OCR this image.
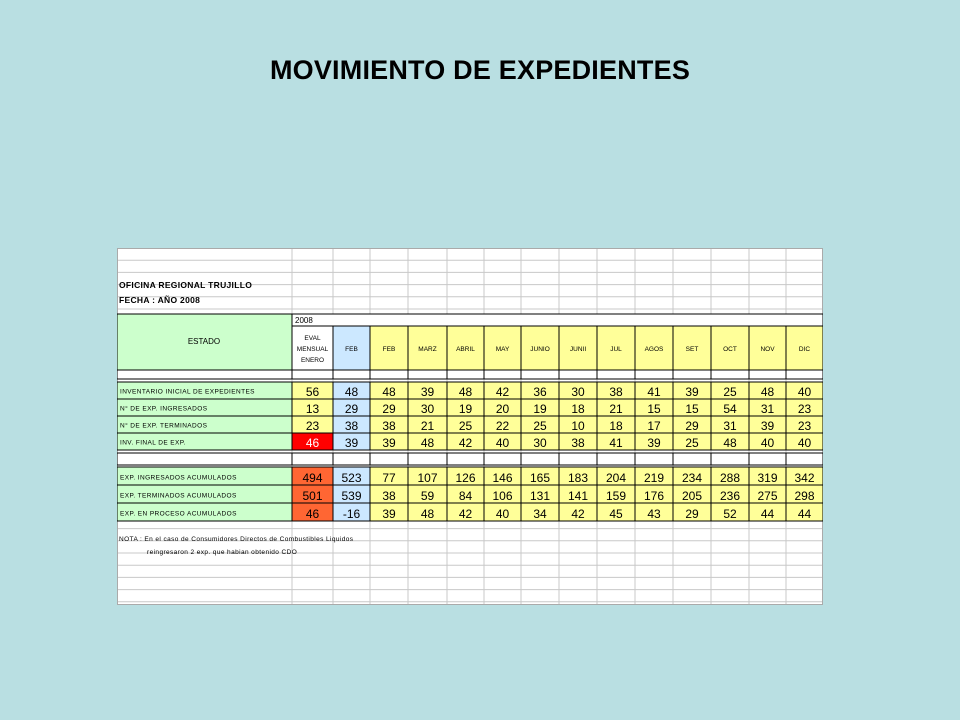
MOVIMIENTO DE EXPEDIENTES
OFICINA REGIONAL TRUJILLO
FECHA : AÑO 2008
ESTADO
2008
EVAL
MENSUAL
ENERO
FEB	FEB	MARZ	ABRIL	MAY	JUNIO	JUNII	JUL	AGOS	SET	OCT	NOV	DIC
INVENTARIO INICIAL DE EXPEDIENTES	56 48 48 39 48 42 36 30 38 41 39 25 48 40
N° DE EXP. INGRESADOS	13 29 29 30 19 20 19 18 21 15 15 54 31 23
N° DE EXP. TERMINADOS	23 38 38 21 25 22 25 10 18 17 29 31 39 23
INV. FINAL DE EXP.	46 39 39 48 42 40 30 38 41 39 25 48 40 40
EXP. INGRESADOS ACUMULADOS	494 523 77 107 126 146 165 183 204 219 234 288 319 342
EXP. TERMINADOS ACUMULADOS	501 539 38 59 84 106 131 141 159 176 205 236 275 298
EXP. EN PROCESO ACUMULADOS	46 -16 39 48 42 40 34 42 45 43 29 52 44 44
NOTA : En el caso de Consumidores Directos de Combustibles Liquidos
reingresaron 2 exp. que habian obtenido CDO
